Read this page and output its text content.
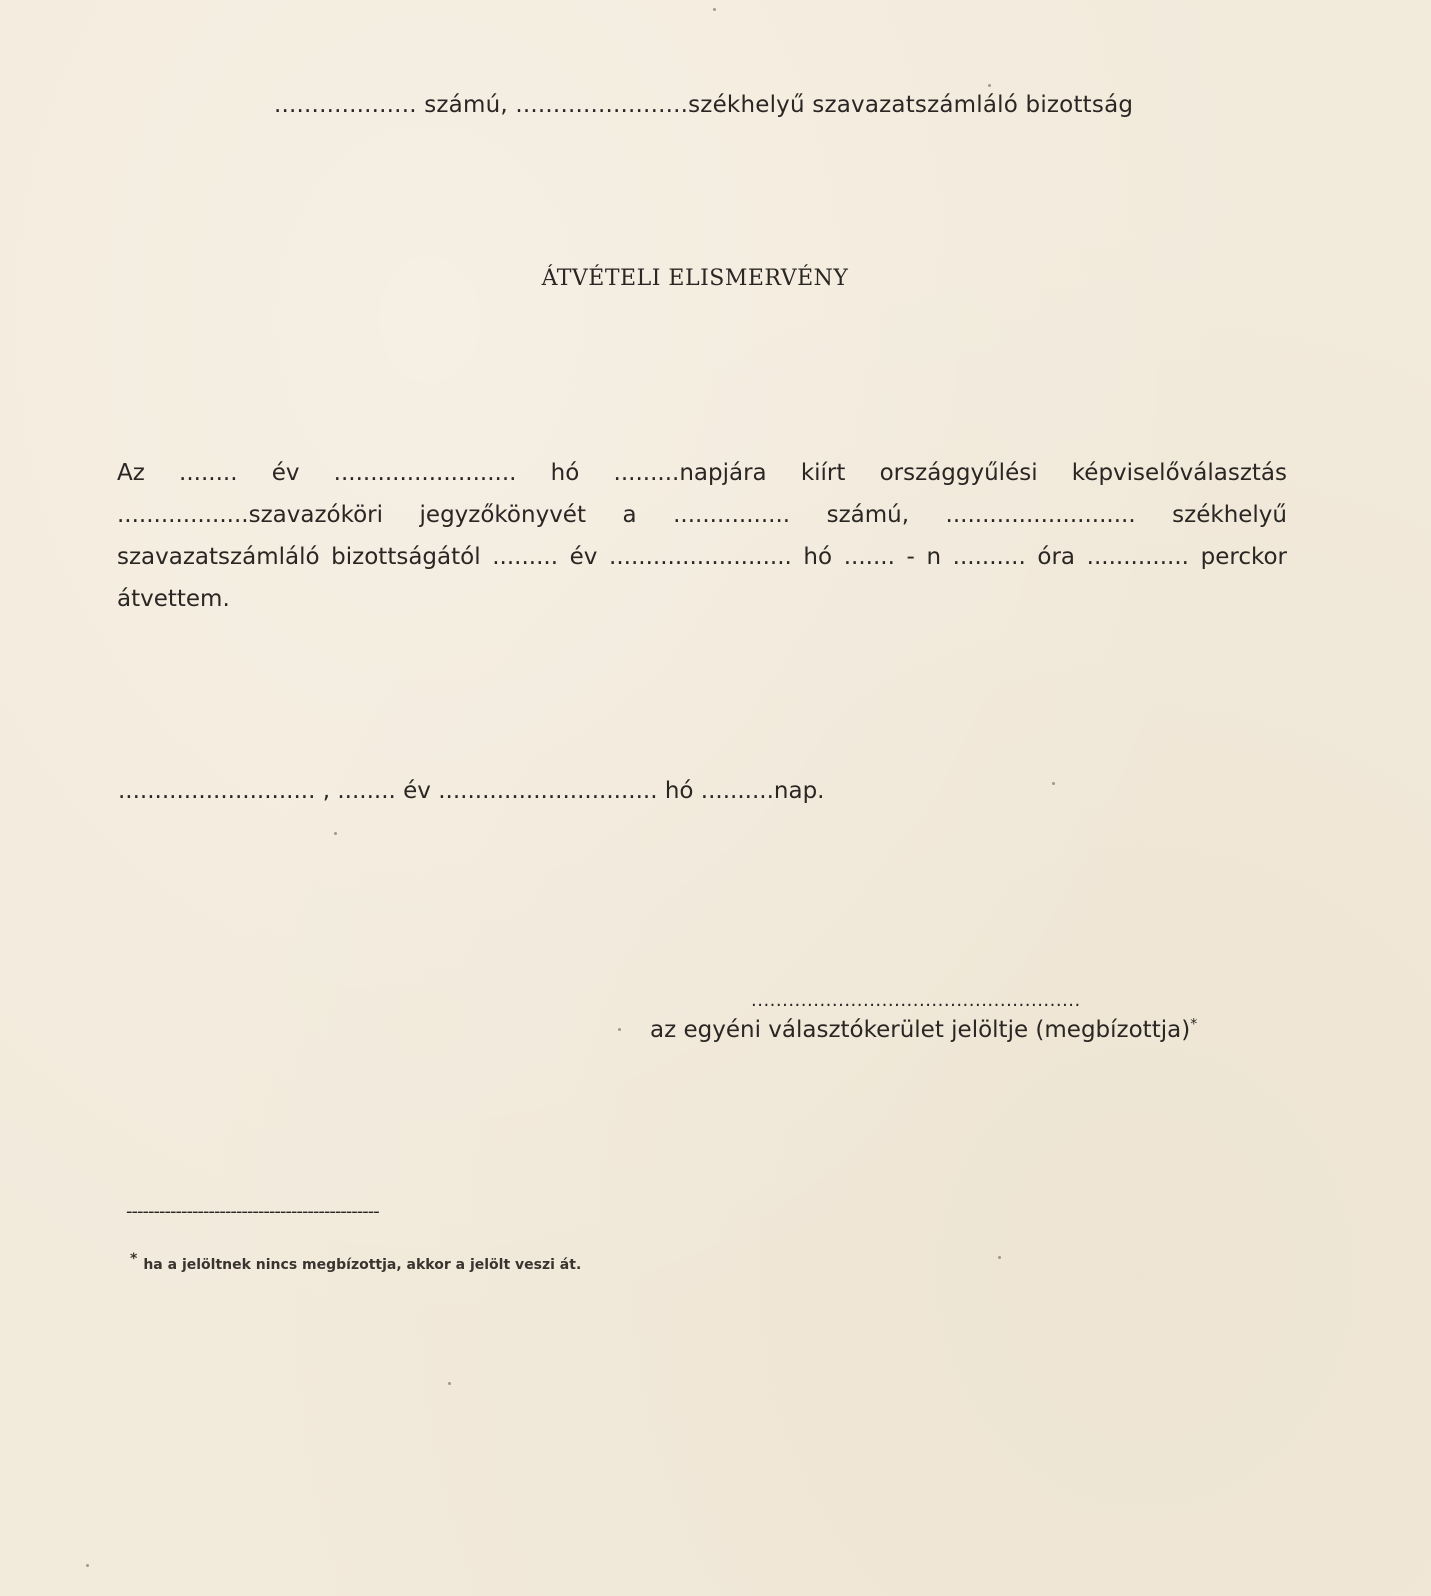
................... számú, .......................székhelyű szavazatszámláló bizottság
ÁTVÉTELI ELISMERVÉNY
Az ........ év ......................... hó .........napjára kiírt országgyűlési képviselőválasztás ..................szavazóköri jegyzőkönyvét a ................ számú, .......................... székhelyű szavazatszámláló bizottságától ......... év ......................... hó ....... - n .......... óra .............. perckor átvettem.
........................... , ........ év .............................. hó ..........nap.
.....................................................
az egyéni választókerület jelöltje (megbízottja)*
----------------------------------------------
* ha a jelöltnek nincs megbízottja, akkor a jelölt veszi át.
